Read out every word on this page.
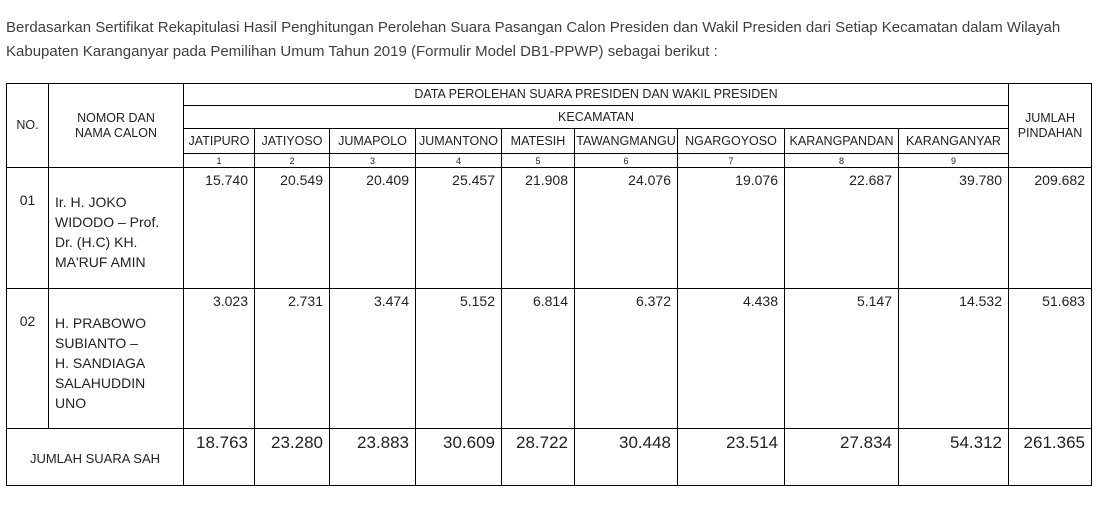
Berdasarkan Sertifikat Rekapitulasi Hasil Penghitungan Perolehan Suara Pasangan Calon Presiden dan Wakil Presiden dari Setiap Kecamatan dalam Wilayah Kabupaten Karanganyar pada Pemilihan Umum Tahun 2019 (Formulir Model DB1-PPWP) sebagai berikut :

NO.	NOMOR DAN NAMA CALON	DATA PEROLEHAN SUARA PRESIDEN DAN WAKIL PRESIDEN									JUMLAH PINDAHAN
		KECAMATAN									
		JATIPURO	JATIYOSO	JUMAPOLO	JUMANTONO	MATESIH	TAWANGMANGU	NGARGOYOSO	KARANGPANDAN	KARANGANYAR	
		1	2	3	4	5	6	7	8	9	
01	Ir. H. JOKO WIDODO – Prof. Dr. (H.C) KH. MA'RUF AMIN	15.740	20.549	20.409	25.457	21.908	24.076	19.076	22.687	39.780	209.682
02	H. PRABOWO SUBIANTO – H. SANDIAGA SALAHUDDIN UNO	3.023	2.731	3.474	5.152	6.814	6.372	4.438	5.147	14.532	51.683
JUMLAH SUARA SAH		18.763	23.280	23.883	30.609	28.722	30.448	23.514	27.834	54.312	261.365
